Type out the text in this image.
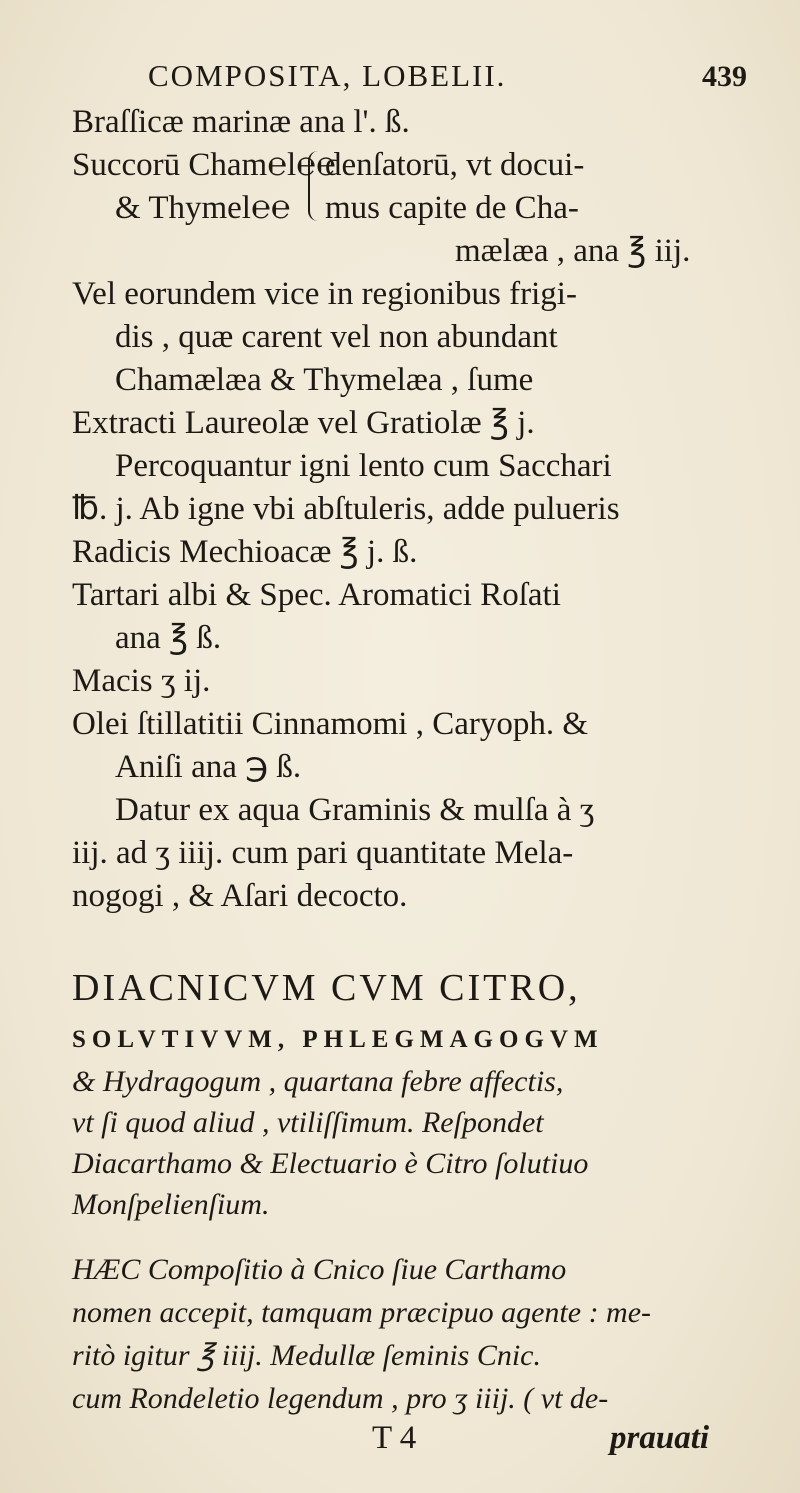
COMPOSITA, LOBELII.	439
Braſſicæ marinæ ana l'. ß.
Succorū Cham℮l℮℮
denſatorū, vt docui-
& Thymel℮℮ mus capite de Cha-
mælæa , ana ℥ iij.
Vel eorundem vice in regionibus frigi-
dis , quæ carent vel non abundant
Chamælæa & Thymelæa , ſume
Extracti Laureolæ vel Gratiolæ ℥ j.
Percoquantur igni lento cum Sacchari
℔. j. Ab igne vbi abſtuleris, adde pulueris
Radicis Mechioacæ ℥ j. ß.
Tartari albi & Spec. Aromatici Roſati
ana ℥ ß.
Macis ʒ ij.
Olei ſtillatitii Cinnamomi , Caryoph. &
Aniſi ana ℈ ß.
Datur ex aqua Graminis & mulſa à ʒ
iij. ad ʒ iiij. cum pari quantitate Mela-
nogogi , & Aſari decocto.
DIACNICVM CVM CITRO,
SOLVTIVVM, PHLEGMAGOGVM
& Hydragogum , quartana febre affectis,
vt ſi quod aliud , vtiliſſimum. Reſpondet
Diacarthamo & Electuario è Citro ſolutiuo
Monſpelienſium.
HÆC Compoſitio à Cnico ſiue Carthamo
nomen accepit, tamquam præcipuo agente : me-
ritò igitur ℥ iiij. Medullæ ſeminis Cnic.
cum Rondeletio legendum , pro ʒ iiij. ( vt de-
T 4	prauati
